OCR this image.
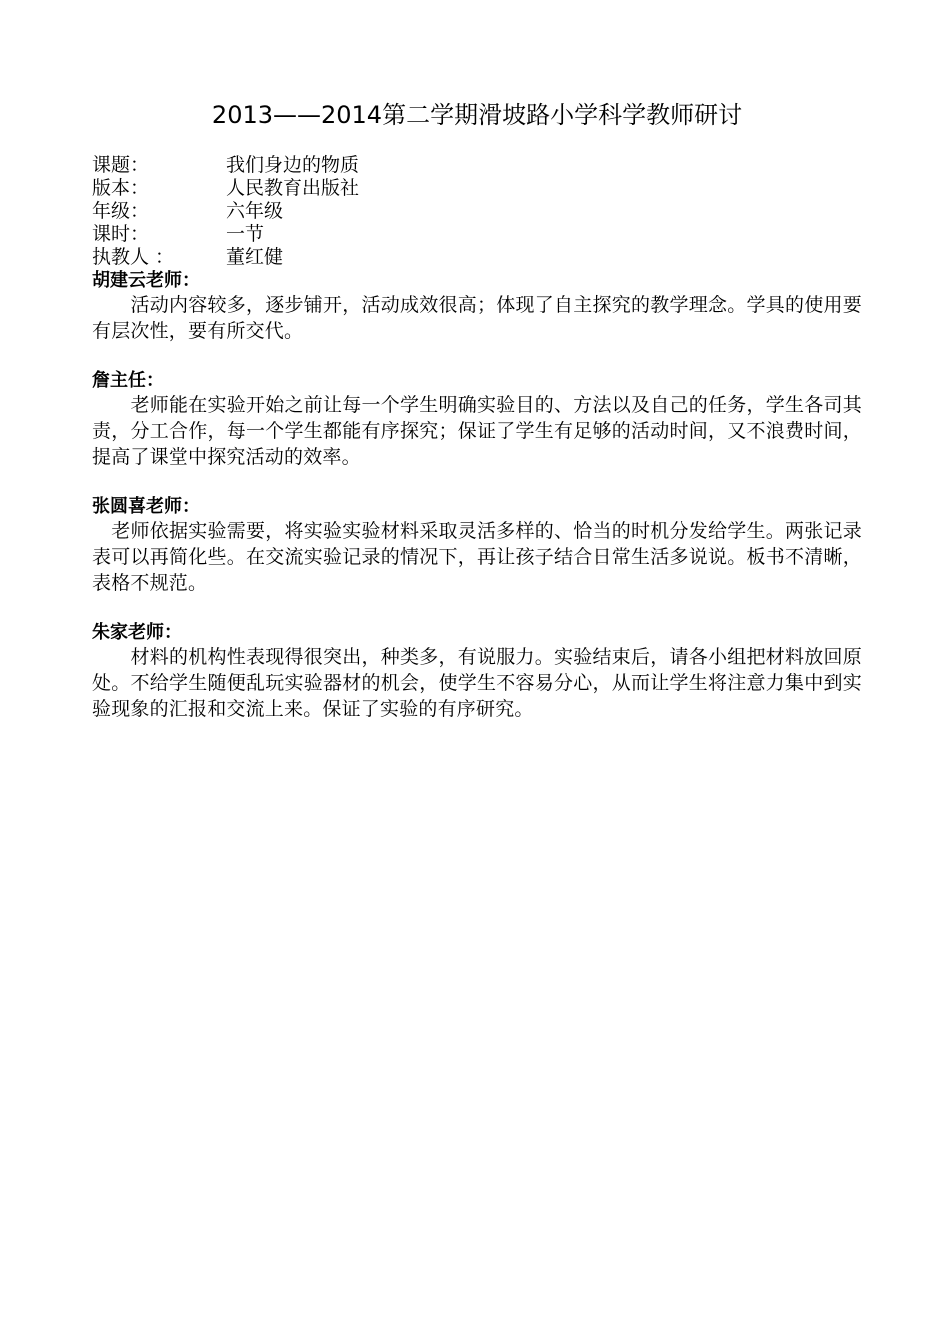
2013——2014第二学期滑坡路小学科学教师研讨
课题：	我们身边的物质
版本：	人民教育出版社
年级：	六年级
课时：	一节
执教人 ：	董红健
胡建云老师：

　　活动内容较多，逐步铺开，活动成效很高；体现了自主探究的教学理念。学具的使用要有层次性，要有所交代。

詹主任：

　　老师能在实验开始之前让每一个学生明确实验目的、方法以及自己的任务，学生各司其责，分工合作，每一个学生都能有序探究；保证了学生有足够的活动时间，又不浪费时间，提高了课堂中探究活动的效率。

张圆喜老师：

　老师依据实验需要，将实验实验材料采取灵活多样的、恰当的时机分发给学生。两张记录表可以再简化些。在交流实验记录的情况下，再让孩子结合日常生活多说说。板书不清晰，表格不规范。

朱家老师：

　　材料的机构性表现得很突出，种类多，有说服力。实验结束后，请各小组把材料放回原处。不给学生随便乱玩实验器材的机会，使学生不容易分心，从而让学生将注意力集中到实验现象的汇报和交流上来。保证了实验的有序研究。
